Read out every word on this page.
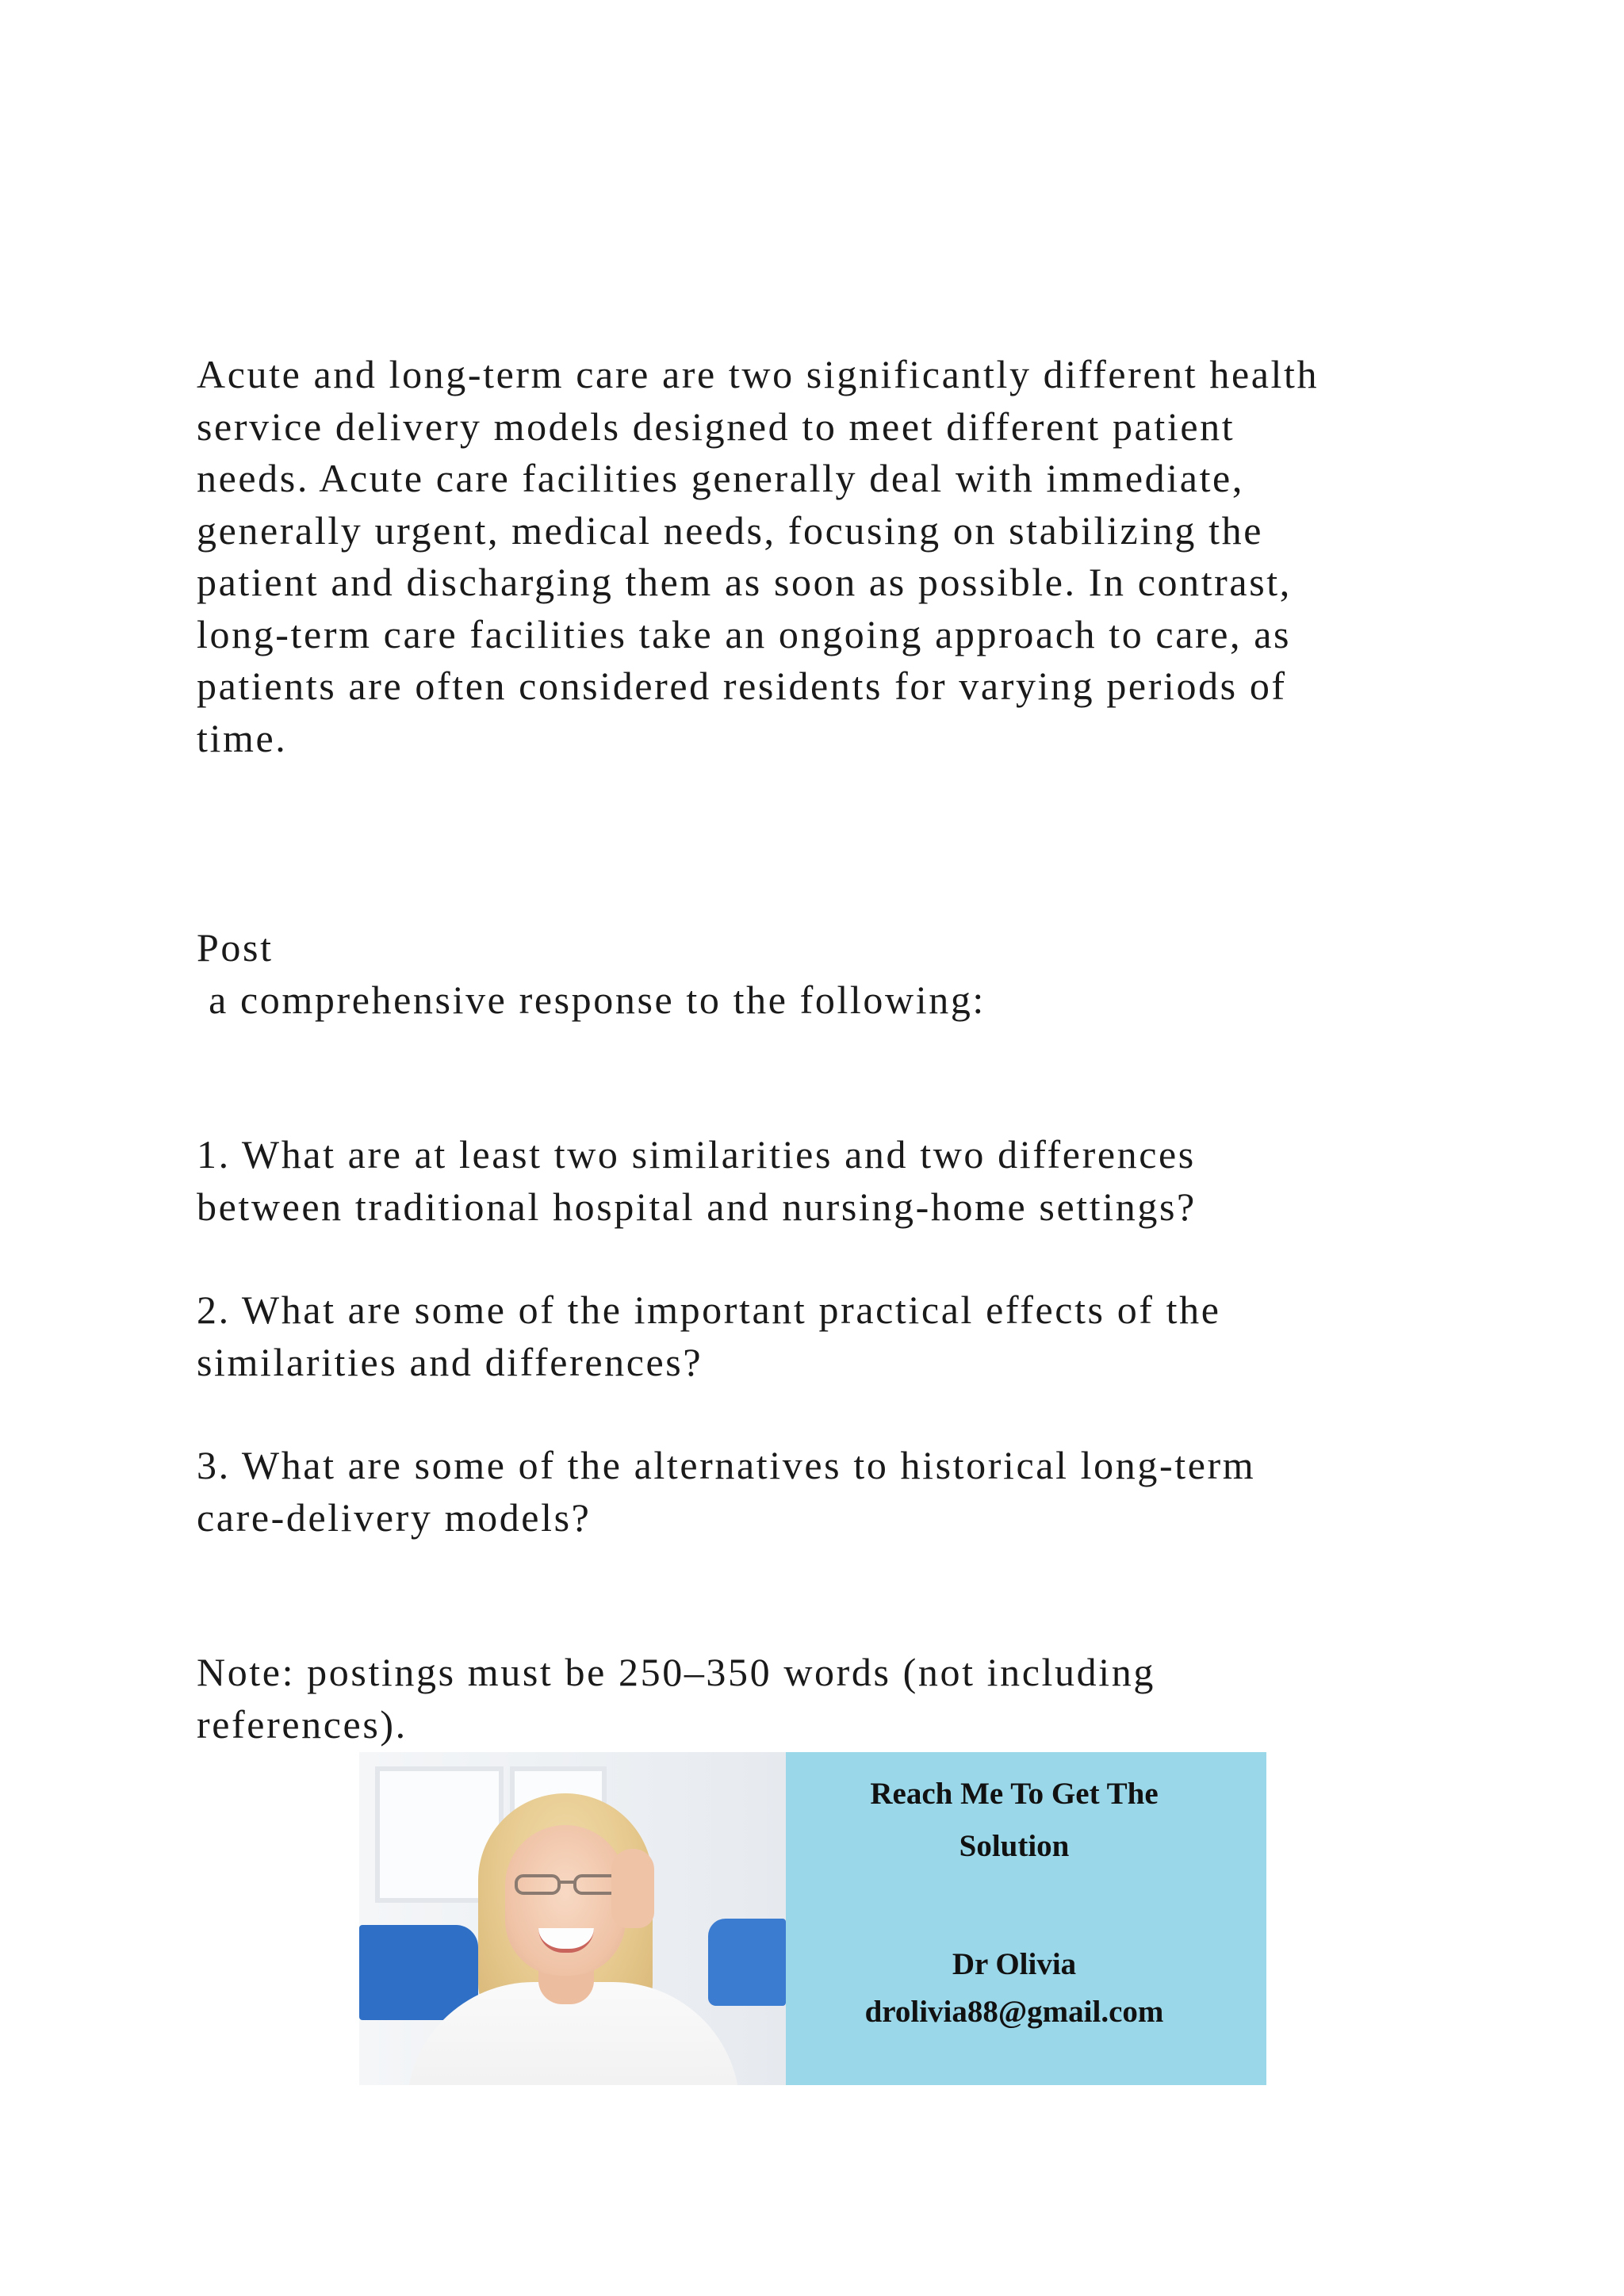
Acute and long-term care are two significantly different health
service delivery models designed to meet different patient
needs. Acute care facilities generally deal with immediate,
generally urgent, medical needs, focusing on stabilizing the
patient and discharging them as soon as possible. In contrast,
long-term care facilities take an ongoing approach to care, as
patients are often considered residents for varying periods of
time.

Post

a comprehensive response to the following:

1. What are at least two similarities and two differences
between traditional hospital and nursing-home settings?

2. What are some of the important practical effects of the
similarities and differences?

3. What are some of the alternatives to historical long-term
care-delivery models?

Note: postings must be 250–350 words (not including
references).

Reach Me To Get The
Solution
Dr Olivia
drolivia88@gmail.com
